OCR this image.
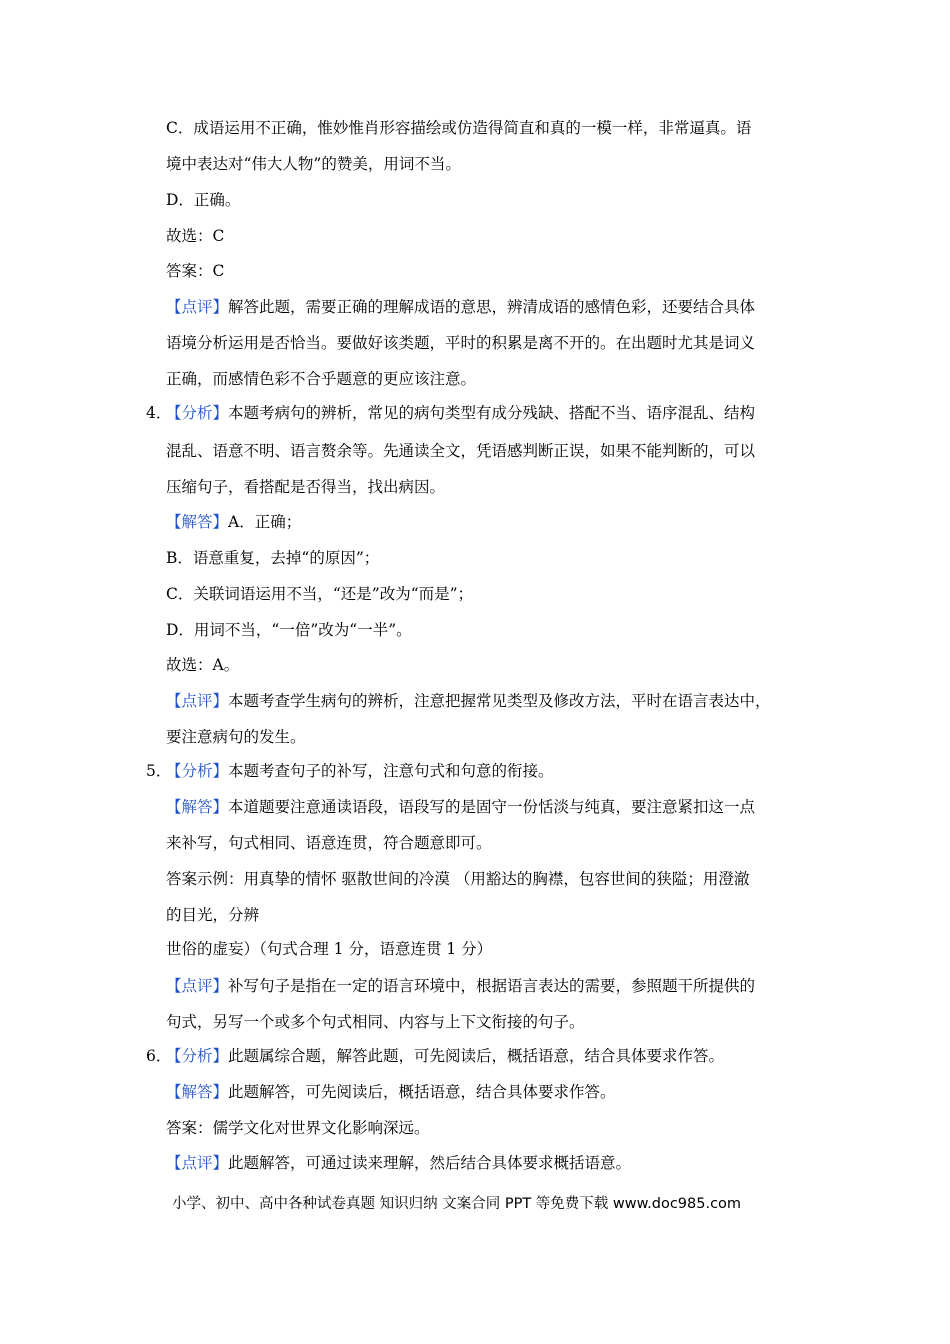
C．成语运用不正确，惟妙惟肖形容描绘或仿造得简直和真的一模一样，非常逼真。语
境中表达对“伟大人物”的赞美，用词不当。
D．正确。
故选：C
答案：C
【点评】解答此题，需要正确的理解成语的意思，辨清成语的感情色彩，还要结合具体
语境分析运用是否恰当。要做好该类题，平时的积累是离不开的。在出题时尤其是词义
正确，而感情色彩不合乎题意的更应该注意。
4．
【分析】本题考病句的辨析，常见的病句类型有成分残缺、搭配不当、语序混乱、结构
混乱、语意不明、语言赘余等。先通读全文，凭语感判断正误，如果不能判断的，可以
压缩句子，看搭配是否得当，找出病因。
【解答】A．正确；
B．语意重复，去掉“的原因”；
C．关联词语运用不当，“还是”改为“而是”；
D．用词不当，“一倍”改为“一半”。
故选：A。
【点评】本题考查学生病句的辨析，注意把握常见类型及修改方法，平时在语言表达中，
要注意病句的发生。
5．
【分析】本题考查句子的补写，注意句式和句意的衔接。
【解答】本道题要注意通读语段，语段写的是固守一份恬淡与纯真，要注意紧扣这一点
来补写，句式相同、语意连贯，符合题意即可。
答案示例：用真挚的情怀 驱散世间的冷漠 （用豁达的胸襟，包容世间的狭隘；用澄澈
的目光，分辨
世俗的虚妄）（句式合理 1 分，语意连贯 1 分）
【点评】补写句子是指在一定的语言环境中，根据语言表达的需要，参照题干所提供的
句式，另写一个或多个句式相同、内容与上下文衔接的句子。
6．
【分析】此题属综合题，解答此题，可先阅读后，概括语意，结合具体要求作答。
【解答】此题解答，可先阅读后，概括语意，结合具体要求作答。
答案：儒学文化对世界文化影响深远。
【点评】此题解答，可通过读来理解，然后结合具体要求概括语意。
小学、初中、高中各种试卷真题 知识归纳 文案合同 PPT 等免费下载 www.doc985.com
